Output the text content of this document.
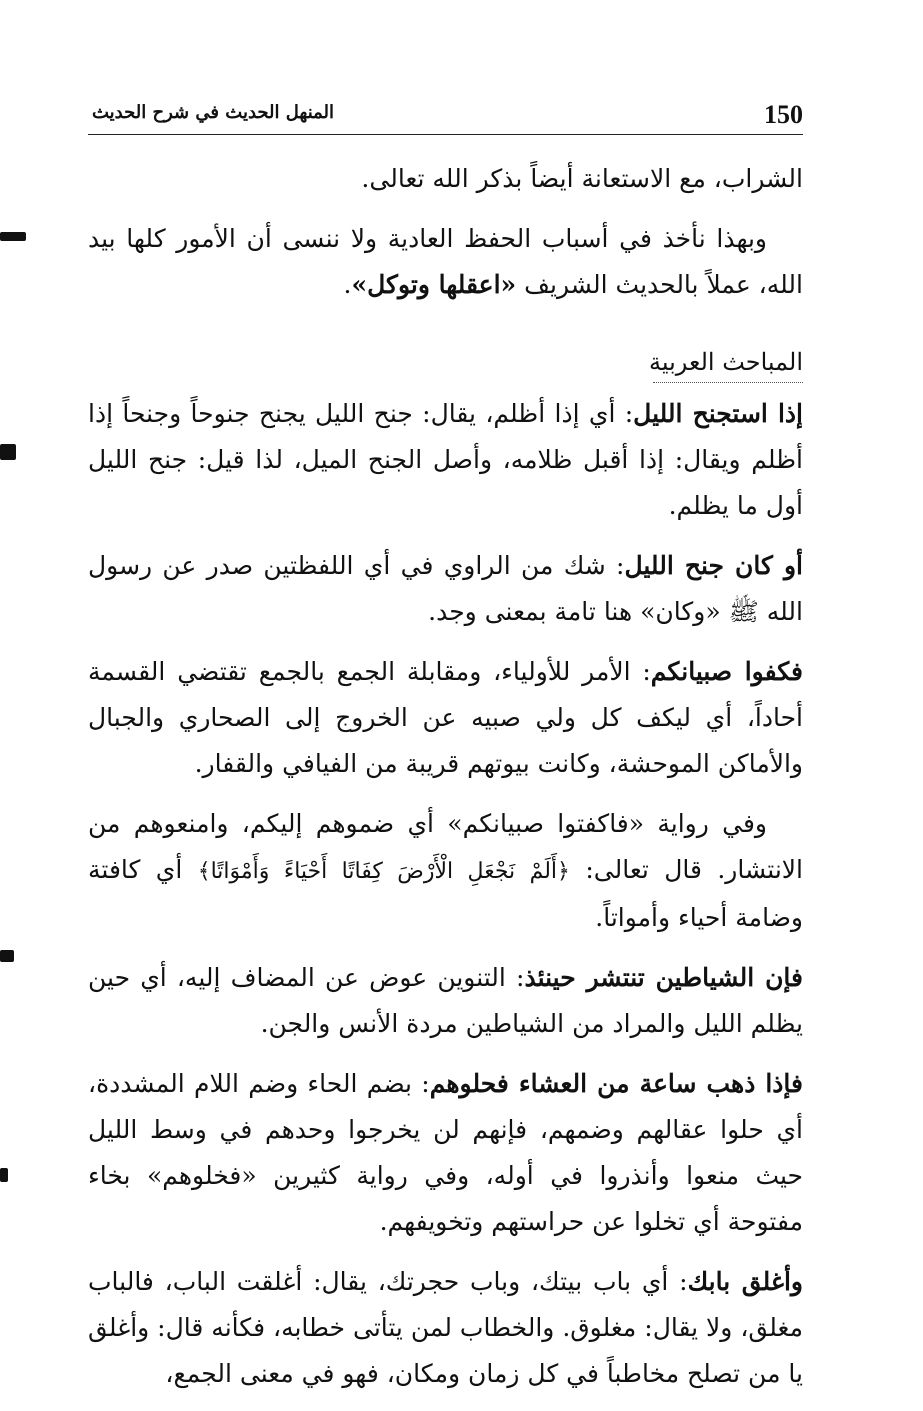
150
المنهل الحديث في شرح الحديث

الشراب، مع الاستعانة أيضاً بذكر الله تعالى.

وبهذا نأخذ في أسباب الحفظ العادية ولا ننسى أن الأمور كلها بيد الله، عملاً بالحديث الشريف «اعقلها وتوكل».

المباحث العربية

إذا استجنح الليل: أي إذا أظلم، يقال: جنح الليل يجنح جنوحاً وجنحاً إذا أظلم ويقال: إذا أقبل ظلامه، وأصل الجنح الميل، لذا قيل: جنح الليل أول ما يظلم.

أو كان جنح الليل: شك من الراوي في أي اللفظتين صدر عن رسول الله ﷺ «وكان» هنا تامة بمعنى وجد.

فكفوا صبيانكم: الأمر للأولياء، ومقابلة الجمع بالجمع تقتضي القسمة أحاداً، أي ليكف كل ولي صبيه عن الخروج إلى الصحاري والجبال والأماكن الموحشة، وكانت بيوتهم قريبة من الفيافي والقفار.

وفي رواية «فاكفتوا صبيانكم» أي ضموهم إليكم، وامنعوهم من الانتشار. قال تعالى: ﴿أَلَمْ نَجْعَلِ الْأَرْضَ كِفَاتًا أَحْيَاءً وَأَمْوَاتًا﴾ أي كافتة وضامة أحياء وأمواتاً.

فإن الشياطين تنتشر حينئذ: التنوين عوض عن المضاف إليه، أي حين يظلم الليل والمراد من الشياطين مردة الأنس والجن.

فإذا ذهب ساعة من العشاء فحلوهم: بضم الحاء وضم اللام المشددة، أي حلوا عقالهم وضمهم، فإنهم لن يخرجوا وحدهم في وسط الليل حيث منعوا وأنذروا في أوله، وفي رواية كثيرين «فخلوهم» بخاء مفتوحة أي تخلوا عن حراستهم وتخويفهم.

وأغلق بابك: أي باب بيتك، وباب حجرتك، يقال: أغلقت الباب، فالباب مغلق، ولا يقال: مغلوق. والخطاب لمن يتأتى خطابه، فكأنه قال: وأغلق يا من تصلح مخاطباً في كل زمان ومكان، فهو في معنى الجمع،
